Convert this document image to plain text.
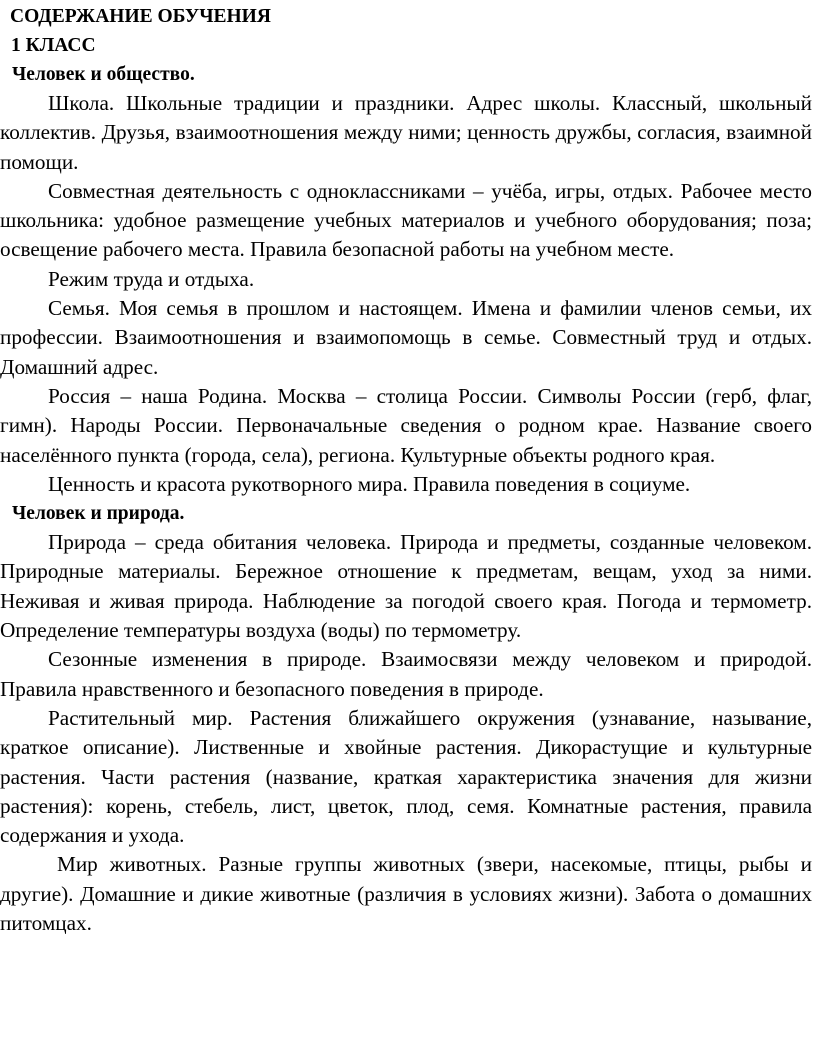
СОДЕРЖАНИЕ ОБУЧЕНИЯ
1 КЛАСС
Человек и общество.

Школа. Школьные традиции и праздники. Адрес школы. Классный, школьный коллектив. Друзья, взаимоотношения между ними; ценность дружбы, согласия, взаимной помощи.

Совместная деятельность с одноклассниками – учёба, игры, отдых. Рабочее место школьника: удобное размещение учебных материалов и учебного оборудования; поза; освещение рабочего места. Правила безопасной работы на учебном месте.

Режим труда и отдыха.

Семья. Моя семья в прошлом и настоящем. Имена и фамилии членов семьи, их профессии. Взаимоотношения и взаимопомощь в семье. Совместный труд и отдых. Домашний адрес.

Россия – наша Родина. Москва – столица России. Символы России (герб, флаг, гимн). Народы России. Первоначальные сведения о родном крае. Название своего населённого пункта (города, села), региона. Культурные объекты родного края.

Ценность и красота рукотворного мира. Правила поведения в социуме.

Человек и природа.

Природа – среда обитания человека. Природа и предметы, созданные человеком. Природные материалы. Бережное отношение к предметам, вещам, уход за ними. Неживая и живая природа. Наблюдение за погодой своего края. Погода и термометр. Определение температуры воздуха (воды) по термометру.

Сезонные изменения в природе. Взаимосвязи между человеком и природой. Правила нравственного и безопасного поведения в природе.

Растительный мир. Растения ближайшего окружения (узнавание, называние, краткое описание). Лиственные и хвойные растения. Дикорастущие и культурные растения. Части растения (название, краткая характеристика значения для жизни растения): корень, стебель, лист, цветок, плод, семя. Комнатные растения, правила содержания и ухода.

Мир животных. Разные группы животных (звери, насекомые, птицы, рыбы и другие). Домашние и дикие животные (различия в условиях жизни). Забота о домашних питомцах.
